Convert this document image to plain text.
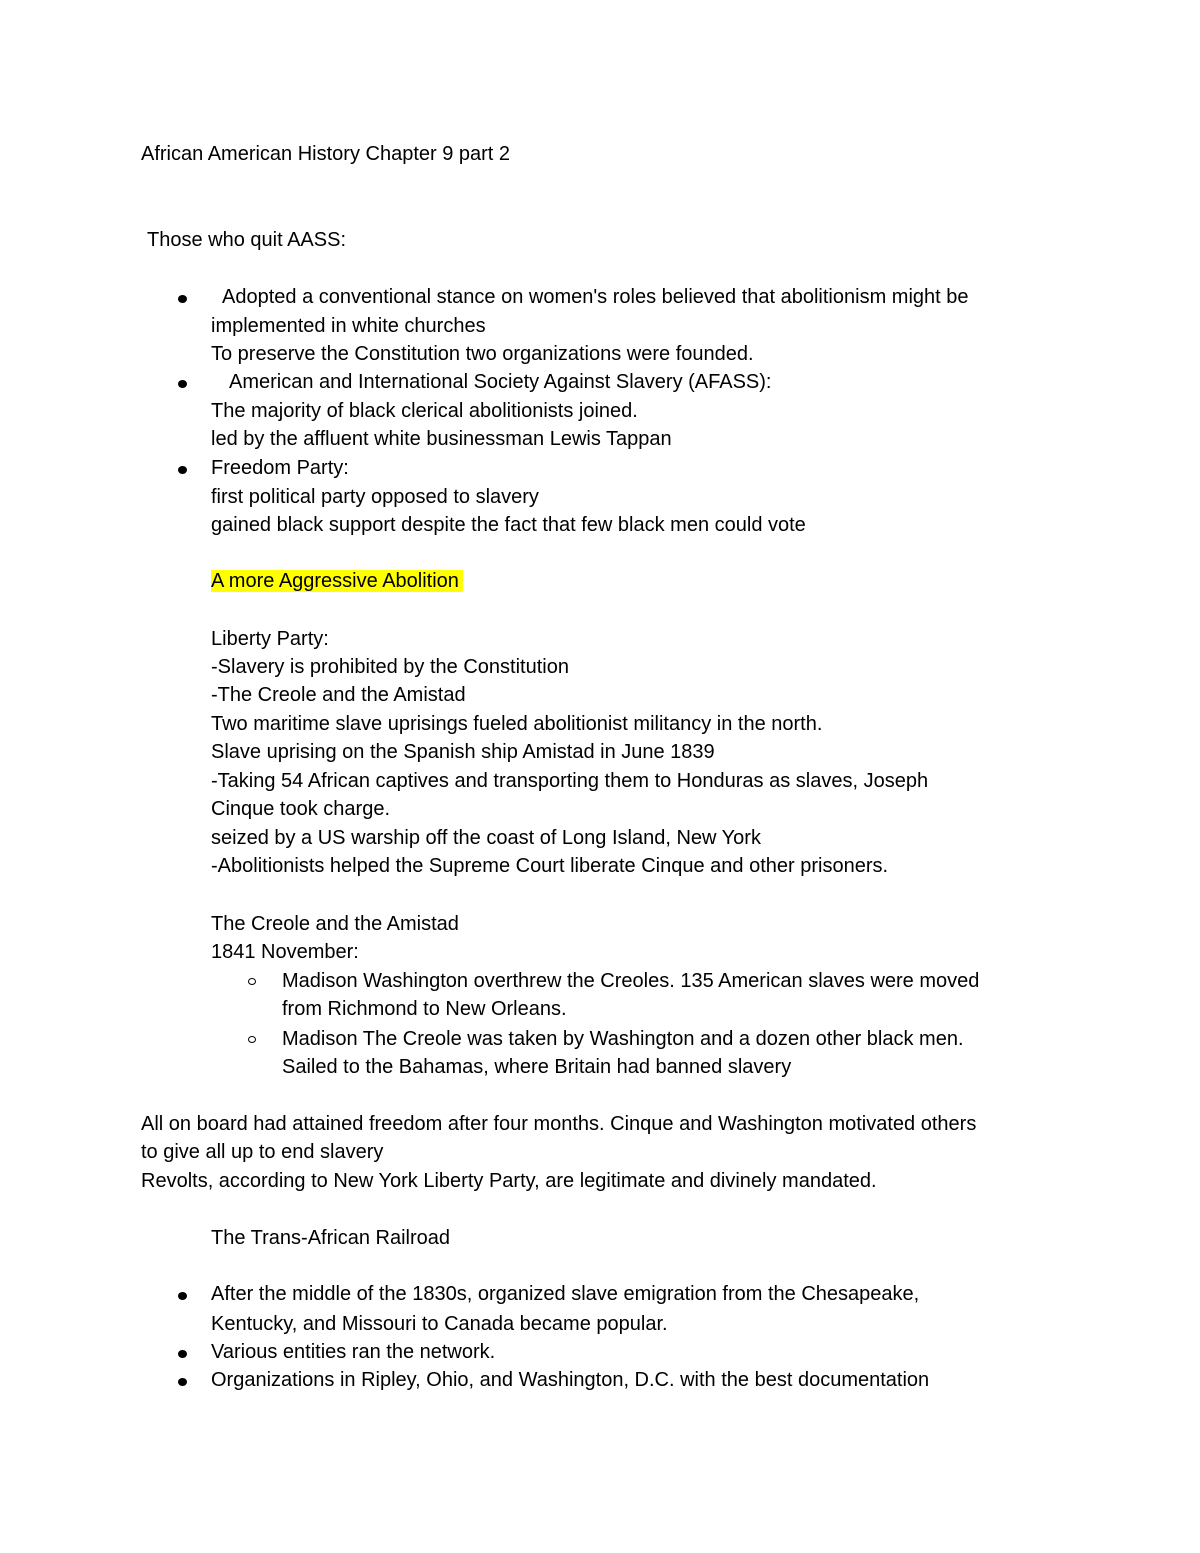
African American History Chapter 9 part 2
Those who quit AASS:
Adopted a conventional stance on women's roles believed that abolitionism might be
implemented in white churches
To preserve the Constitution two organizations were founded.
American and International Society Against Slavery (AFASS):
The majority of black clerical abolitionists joined.
led by the affluent white businessman Lewis Tappan
Freedom Party:
first political party opposed to slavery
gained black support despite the fact that few black men could vote
A more Aggressive Abolition
Liberty Party:
-Slavery is prohibited by the Constitution
-The Creole and the Amistad
Two maritime slave uprisings fueled abolitionist militancy in the north.
Slave uprising on the Spanish ship Amistad in June 1839
-Taking 54 African captives and transporting them to Honduras as slaves, Joseph
Cinque took charge.
seized by a US warship off the coast of Long Island, New York
-Abolitionists helped the Supreme Court liberate Cinque and other prisoners.
The Creole and the Amistad
1841 November:
Madison Washington overthrew the Creoles. 135 American slaves were moved
from Richmond to New Orleans.
Madison The Creole was taken by Washington and a dozen other black men.
Sailed to the Bahamas, where Britain had banned slavery
All on board had attained freedom after four months. Cinque and Washington motivated others
to give all up to end slavery
Revolts, according to New York Liberty Party, are legitimate and divinely mandated.
The Trans-African Railroad
After the middle of the 1830s, organized slave emigration from the Chesapeake,
Kentucky, and Missouri to Canada became popular.
Various entities ran the network.
Organizations in Ripley, Ohio, and Washington, D.C. with the best documentation
